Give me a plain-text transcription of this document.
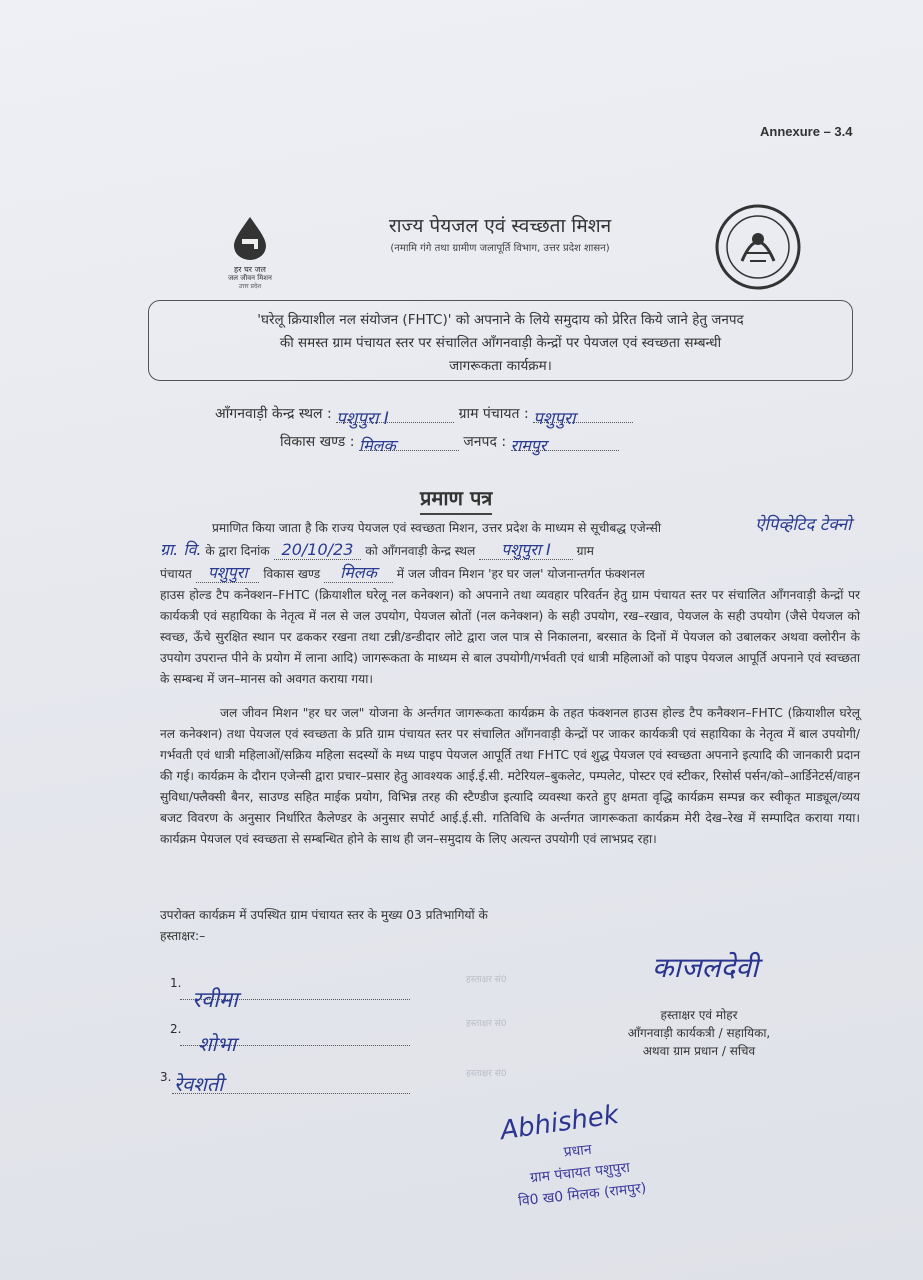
Annexure – 3.4
हर घर जल
जल जीवन मिशन
उत्तर प्रदेश
राज्य पेयजल एवं स्वच्छता मिशन
(नमामि गंगे तथा ग्रामीण जलापूर्ति विभाग, उत्तर प्रदेश शासन)
'घरेलू क्रियाशील नल संयोजन (FHTC)' को अपनाने के लिये समुदाय को प्रेरित किये जाने हेतु जनपद
की समस्त ग्राम पंचायत स्तर पर संचालित आँगनवाड़ी केन्द्रों पर पेयजल एवं स्वच्छता सम्बन्धी
जागरूकता कार्यक्रम।
आँगनवाड़ी केन्द्र स्थल : पशुपुरा I	ग्राम पंचायत : पशुपुरा
विकास खण्ड : मिलक	जनपद : रामपुर
प्रमाण पत्र
प्रमाणित किया जाता है कि राज्य पेयजल एवं स्वच्छता मिशन, उत्तर प्रदेश के माध्यम से सूचीबद्ध एजेन्सी
ग्रा. वि. के द्वारा दिनांक 20/10/23 को आँगनवाड़ी केन्द्र स्थल पशुपुरा I ग्राम
पंचायत पशुपुरा विकास खण्ड मिलक में जल जीवन मिशन 'हर घर जल' योजनान्तर्गत फंक्शनल
हाउस होल्ड टैप कनेक्शन–FHTC (क्रियाशील घरेलू नल कनेक्शन) को अपनाने तथा व्यवहार परिवर्तन हेतु ग्राम पंचायत स्तर पर संचालित आँगनवाड़ी केन्द्रों पर कार्यकत्री एवं सहायिका के नेतृत्व में नल से जल उपयोग, पेयजल स्रोतों (नल कनेक्शन) के सही उपयोग, रख–रखाव, पेयजल के सही उपयोग (जैसे पेयजल को स्वच्छ, ऊँचे सुरक्षित स्थान पर ढककर रखना तथा टन्नी/डन्डीदार लोटे द्वारा जल पात्र से निकालना, बरसात के दिनों में पेयजल को उबालकर अथवा क्लोरीन के उपयोग उपरान्त पीने के प्रयोग में लाना आदि) जागरूकता के माध्यम से बाल उपयोगी/गर्भवती एवं धात्री महिलाओं को पाइप पेयजल आपूर्ति अपनाने एवं स्वच्छता के सम्बन्ध में जन–मानस को अवगत कराया गया।
ऐपिव्हेटिद टेक्नो
जल जीवन मिशन "हर घर जल" योजना के अर्न्तगत जागरूकता कार्यक्रम के तहत फंक्शनल हाउस होल्ड टैप कनैक्शन–FHTC (क्रियाशील घरेलू नल कनेक्शन) तथा पेयजल एवं स्वच्छता के प्रति ग्राम पंचायत स्तर पर संचालित आँगनवाड़ी केन्द्रों पर जाकर कार्यकत्री एवं सहायिका के नेतृत्व में बाल उपयोगी/गर्भवती एवं धात्री महिलाओं/सक्रिय महिला सदस्यों के मध्य पाइप पेयजल आपूर्ति तथा FHTC एवं शुद्ध पेयजल एवं स्वच्छता अपनाने इत्यादि की जानकारी प्रदान की गई। कार्यक्रम के दौरान एजेन्सी द्वारा प्रचार–प्रसार हेतु आवश्यक आई.ई.सी. मटेरियल–बुकलेट, पम्पलेट, पोस्टर एवं स्टीकर, रिसोर्स पर्सन/को–आर्डिनेटर्स/वाहन सुविधा/फ्लैक्सी बैनर, साउण्ड सहित माईक प्रयोग, विभिन्न तरह की स्टैण्डीज इत्यादि व्यवस्था करते हुए क्षमता वृद्धि कार्यक्रम सम्पन्न कर स्वीकृत माड्यूल/व्यय बजट विवरण के अनुसार निर्धारित कैलेण्डर के अनुसार सपोर्ट आई.ई.सी. गतिविधि के अर्न्तगत जागरूकता कार्यक्रम मेरी देख–रेख में सम्पादित कराया गया। कार्यक्रम पेयजल एवं स्वच्छता से सम्बन्धित होने के साथ ही जन–समुदाय के लिए अत्यन्त उपयोगी एवं लाभप्रद रहा।
उपरोक्त कार्यक्रम में उपस्थित ग्राम पंचायत स्तर के मुख्य 03 प्रतिभागियों के
हस्ताक्षर:–
1.
रवीमा
2.
शोभा
3. रेवशती
हस्ताक्षर सं0
हस्ताक्षर सं0
हस्ताक्षर सं0
काजलदेवी
हस्ताक्षर एवं मोहर
आँगनवाड़ी कार्यकत्री / सहायिका,
अथवा ग्राम प्रधान / सचिव
Abhishek
प्रधान
ग्राम पंचायत पशुपुरा
वि0 ख0 मिलक (रामपुर)
